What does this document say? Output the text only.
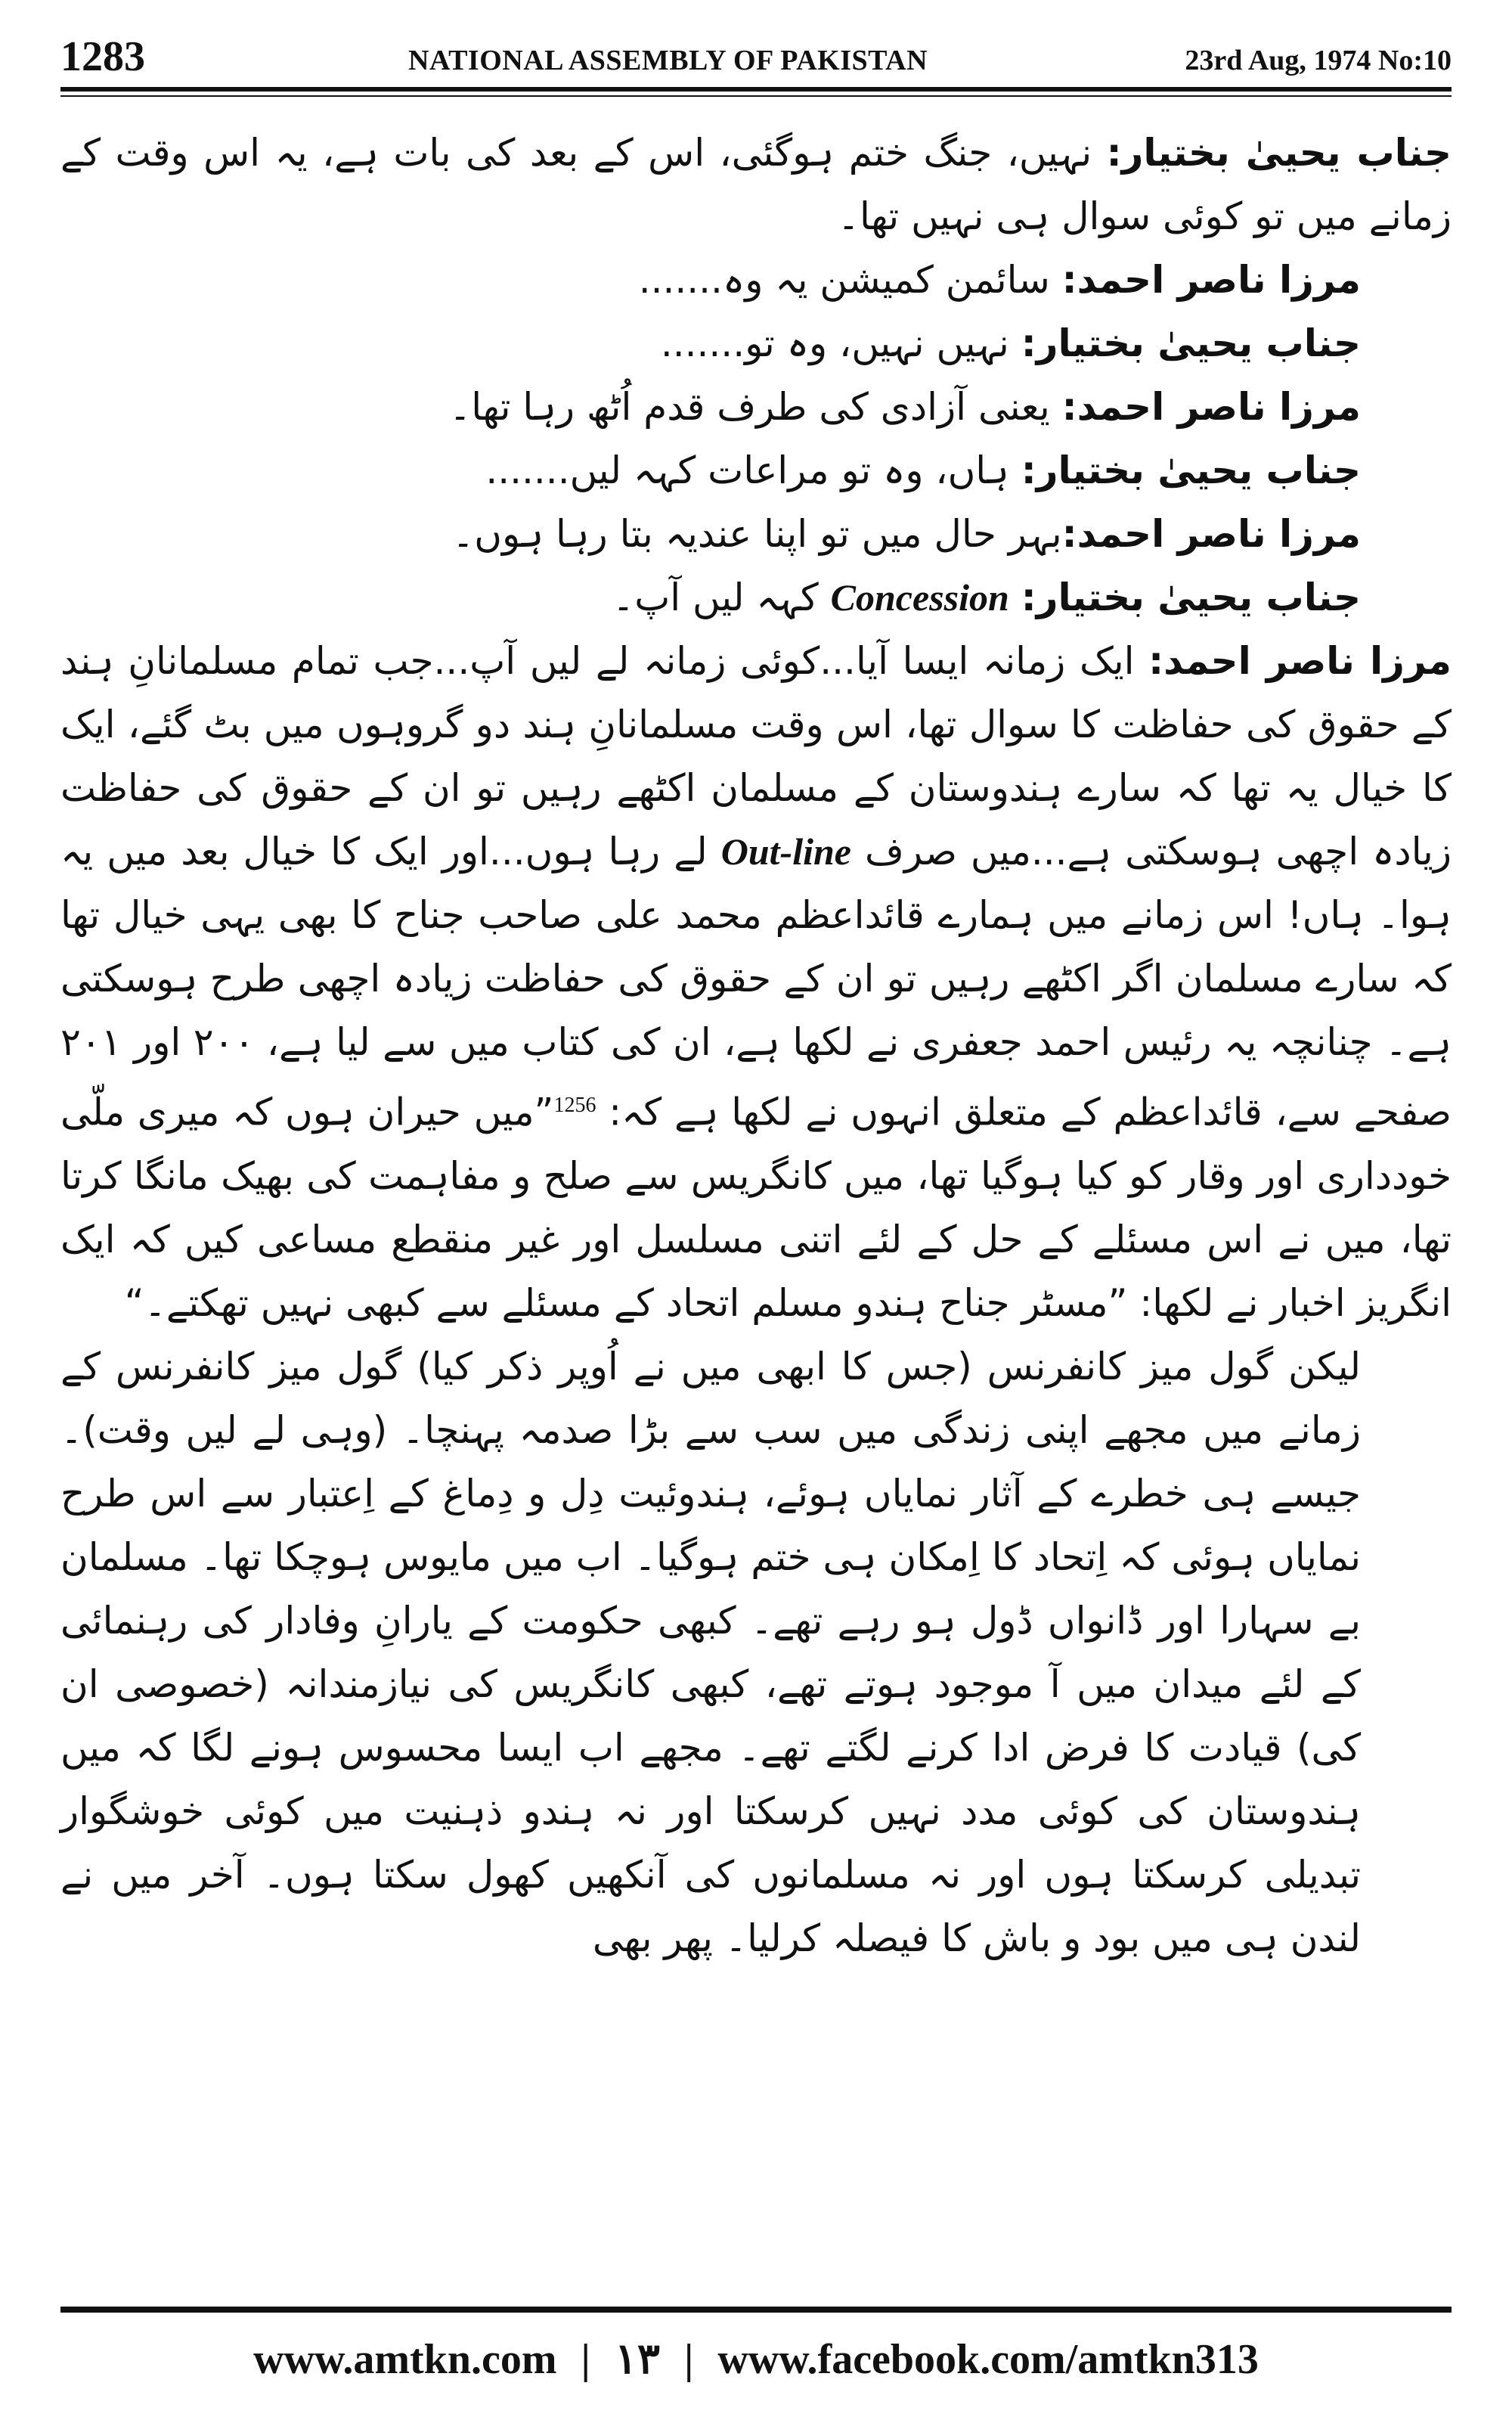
1283	NATIONAL ASSEMBLY OF PAKISTAN	23rd Aug, 1974 No:10

جناب یحییٰ بختیار: نہیں، جنگ ختم ہوگئی، اس کے بعد کی بات ہے، یہ اس وقت کے زمانے میں تو کوئی سوال ہی نہیں تھا۔

مرزا ناصر احمد: سائمن کمیشن یہ وہ.......

جناب یحییٰ بختیار: نہیں نہیں، وہ تو.......

مرزا ناصر احمد: یعنی آزادی کی طرف قدم اُٹھ رہا تھا۔

جناب یحییٰ بختیار: ہاں، وہ تو مراعات کہہ لیں.......

مرزا ناصر احمد:بہر حال میں تو اپنا عندیہ بتا رہا ہوں۔

جناب یحییٰ بختیار: Concession کہہ لیں آپ۔

مرزا ناصر احمد: ایک زمانہ ایسا آیا...کوئی زمانہ لے لیں آپ...جب تمام مسلمانانِ ہند کے حقوق کی حفاظت کا سوال تھا، اس وقت مسلمانانِ ہند دو گروہوں میں بٹ گئے، ایک کا خیال یہ تھا کہ سارے ہندوستان کے مسلمان اکٹھے رہیں تو ان کے حقوق کی حفاظت زیادہ اچھی ہوسکتی ہے...میں صرف Out-line لے رہا ہوں...اور ایک کا خیال بعد میں یہ ہوا۔ ہاں! اس زمانے میں ہمارے قائداعظم محمد علی صاحب جناح کا بھی یہی خیال تھا کہ سارے مسلمان اگر اکٹھے رہیں تو ان کے حقوق کی حفاظت زیادہ اچھی طرح ہوسکتی ہے۔ چنانچہ یہ رئیس احمد جعفری نے لکھا ہے، ان کی کتاب میں سے لیا ہے، ۲۰۰ اور ۲۰۱ صفحے سے، قائداعظم کے متعلق انہوں نے لکھا ہے کہ: $^{1256}$”میں حیران ہوں کہ میری ملّی خودداری اور وقار کو کیا ہوگیا تھا، میں کانگریس سے صلح و مفاہمت کی بھیک مانگا کرتا تھا، میں نے اس مسئلے کے حل کے لئے اتنی مسلسل اور غیر منقطع مساعی کیں کہ ایک انگریز اخبار نے لکھا: ”مسٹر جناح ہندو مسلم اتحاد کے مسئلے سے کبھی نہیں تھکتے۔“

لیکن گول میز کانفرنس (جس کا ابھی میں نے اُوپر ذکر کیا) گول میز کانفرنس کے زمانے میں مجھے اپنی زندگی میں سب سے بڑا صدمہ پہنچا۔ (وہی لے لیں وقت)۔ جیسے ہی خطرے کے آثار نمایاں ہوئے، ہندوئیت دِل و دِماغ کے اِعتبار سے اس طرح نمایاں ہوئی کہ اِتحاد کا اِمکان ہی ختم ہوگیا۔ اب میں مایوس ہوچکا تھا۔ مسلمان بے سہارا اور ڈانواں ڈول ہو رہے تھے۔ کبھی حکومت کے یارانِ وفادار کی رہنمائی کے لئے میدان میں آ موجود ہوتے تھے، کبھی کانگریس کی نیازمندانہ (خصوصی ان کی) قیادت کا فرض ادا کرنے لگتے تھے۔ مجھے اب ایسا محسوس ہونے لگا کہ میں ہندوستان کی کوئی مدد نہیں کرسکتا اور نہ ہندو ذہنیت میں کوئی خوشگوار تبدیلی کرسکتا ہوں اور نہ مسلمانوں کی آنکھیں کھول سکتا ہوں۔ آخر میں نے لندن ہی میں بود و باش کا فیصلہ کرلیا۔ پھر بھی

www.amtkn.com | ۱۳ | www.facebook.com/amtkn313
